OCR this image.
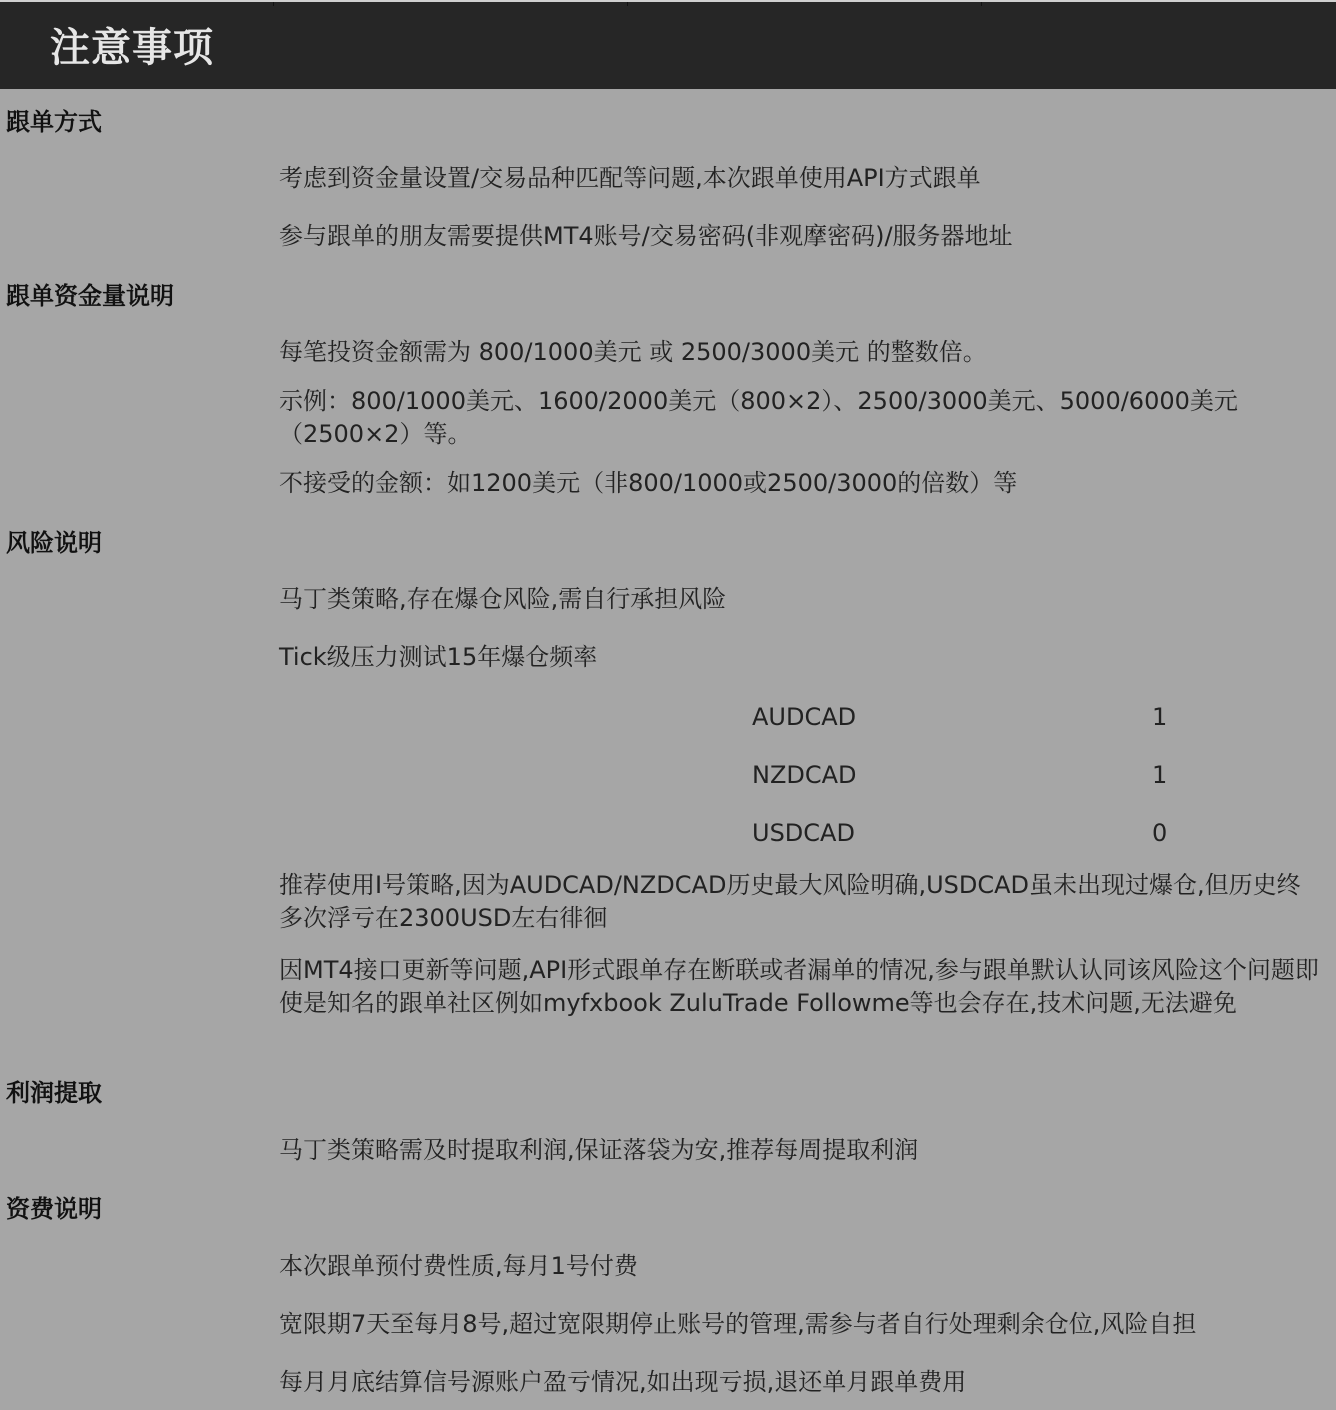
注意事项
跟单方式
考虑到资金量设置/交易品种匹配等问题,本次跟单使用API方式跟单
参与跟单的朋友需要提供MT4账号/交易密码(非观摩密码)/服务器地址
跟单资金量说明
每笔投资金额需为 800/1000美元 或 2500/3000美元 的整数倍。
示例：800/1000美元、1600/2000美元（800×2）、2500/3000美元、5000/6000美元（2500×2）等。
不接受的金额：如1200美元（非800/1000或2500/3000的倍数）等
风险说明
马丁类策略,存在爆仓风险,需自行承担风险
Tick级压力测试15年爆仓频率
AUDCAD	1
NZDCAD	1
USDCAD	0
推荐使用I号策略,因为AUDCAD/NZDCAD历史最大风险明确,USDCAD虽未出现过爆仓,但历史终多次浮亏在2300USD左右徘徊
因MT4接口更新等问题,API形式跟单存在断联或者漏单的情况,参与跟单默认认同该风险这个问题即使是知名的跟单社区例如myfxbook ZuluTrade Followme等也会存在,技术问题,无法避免
利润提取
马丁类策略需及时提取利润,保证落袋为安,推荐每周提取利润
资费说明
本次跟单预付费性质,每月1号付费
宽限期7天至每月8号,超过宽限期停止账号的管理,需参与者自行处理剩余仓位,风险自担
每月月底结算信号源账户盈亏情况,如出现亏损,退还单月跟单费用
